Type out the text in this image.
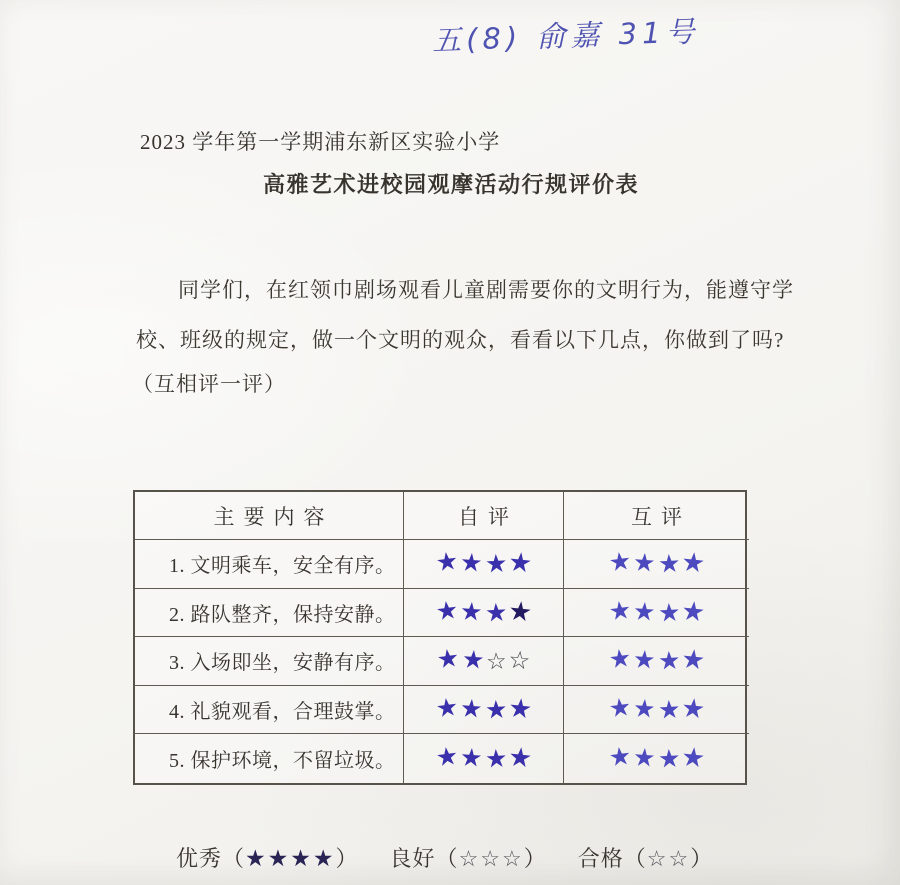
五(8) 俞嘉 31号
2023 学年第一学期浦东新区实验小学
高雅艺术进校园观摩活动行规评价表
同学们，在红领巾剧场观看儿童剧需要你的文明行为，能遵守学
校、班级的规定，做一个文明的观众，看看以下几点，你做到了吗?
（互相评一评）
主要内容	自评	互评
1. 文明乘车，安全有序。	★ ★ ★ ★	★ ★ ★ ★
2. 路队整齐，保持安静。	★ ★ ★ ★	★ ★ ★ ★
3. 入场即坐，安静有序。	★ ★ ☆ ☆	★ ★ ★ ★
4. 礼貌观看，合理鼓掌。	★ ★ ★ ★	★ ★ ★ ★
5. 保护环境，不留垃圾。	★ ★ ★ ★	★ ★ ★ ★
优秀（★★★★） 良好（☆☆☆） 合格（☆☆）
